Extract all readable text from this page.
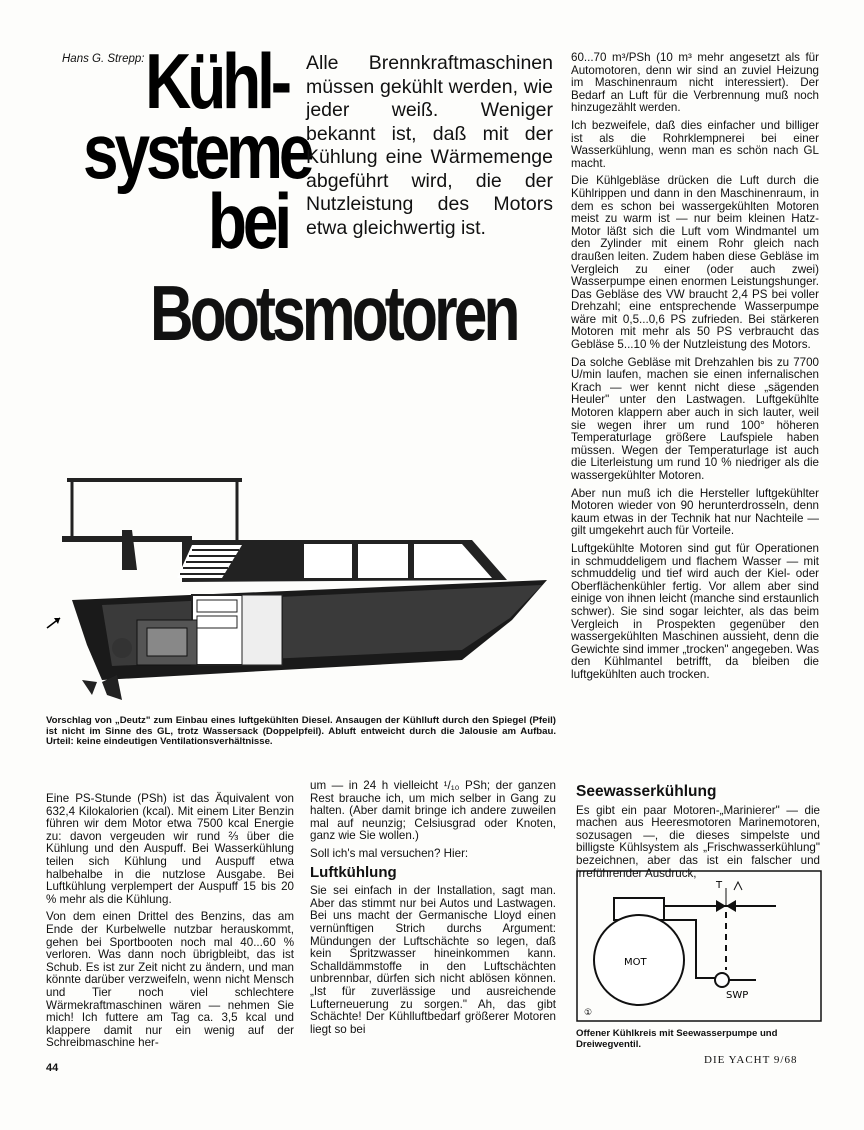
Hans G. Strepp: Kühl-
systeme
bei
Bootsmotoren
Alle Brennkraftmaschinen müssen gekühlt werden, wie jeder weiß. Weniger bekannt ist, daß mit der Kühlung eine Wärmemenge abgeführt wird, die der Nutzleistung des Motors etwa gleichwertig ist.

60...70 m³/PSh (10 m³ mehr angesetzt als für Automotoren, denn wir sind an zuviel Heizung im Maschinenraum nicht interessiert). Der Bedarf an Luft für die Verbrennung muß noch hinzugezählt werden.

Ich bezweifele, daß dies einfacher und billiger ist als die Rohrklempnerei bei einer Wasserkühlung, wenn man es schön nach GL macht.

Die Kühlgebläse drücken die Luft durch die Kühlrippen und dann in den Maschinenraum, in dem es schon bei wassergekühlten Motoren meist zu warm ist — nur beim kleinen Hatz-Motor läßt sich die Luft vom Windmantel um den Zylinder mit einem Rohr gleich nach draußen leiten. Zudem haben diese Gebläse im Vergleich zu einer (oder auch zwei) Wasserpumpe einen enormen Leistungshunger. Das Gebläse des VW braucht 2,4 PS bei voller Drehzahl; eine entsprechende Wasserpumpe wäre mit 0,5...0,6 PS zufrieden. Bei stärkeren Motoren mit mehr als 50 PS verbraucht das Gebläse 5...10 % der Nutzleistung des Motors.

Da solche Gebläse mit Drehzahlen bis zu 7700 U/min laufen, machen sie einen infernalischen Krach — wer kennt nicht diese „sägenden Heuler" unter den Lastwagen. Luftgekühlte Motoren klappern aber auch in sich lauter, weil sie wegen ihrer um rund 100° höheren Temperaturlage größere Laufspiele haben müssen. Wegen der Temperaturlage ist auch die Literleistung um rund 10 % niedriger als die wassergekühlter Motoren.

Aber nun muß ich die Hersteller luftgekühlter Motoren wieder von 90 herunterdrosseln, denn kaum etwas in der Technik hat nur Nachteile — gilt umgekehrt auch für Vorteile.

Luftgekühlte Motoren sind gut für Operationen in schmuddeligem und flachem Wasser — mit schmuddelig und tief wird auch der Kiel- oder Oberflächenkühler fertig. Vor allem aber sind einige von ihnen leicht (manche sind erstaunlich schwer). Sie sind sogar leichter, als das beim Vergleich in Prospekten gegenüber den wassergekühlten Maschinen aussieht, denn die Gewichte sind immer „trocken" angegeben. Was den Kühlmantel betrifft, da bleiben die luftgekühlten auch trocken.

Vorschlag von „Deutz" zum Einbau eines luftgekühlten Diesel. Ansaugen der Kühlluft durch den Spiegel (Pfeil) ist nicht im Sinne des GL, trotz Wassersack (Doppelpfeil). Abluft entweicht durch die Jalousie am Aufbau. Urteil: keine eindeutigen Ventilationsverhältnisse.

Eine PS-Stunde (PSh) ist das Äquivalent von 632,4 Kilokalorien (kcal). Mit einem Liter Benzin führen wir dem Motor etwa 7500 kcal Energie zu: davon vergeuden wir rund ⅔ über die Kühlung und den Auspuff. Bei Wasserkühlung teilen sich Kühlung und Auspuff etwa halbehalbe in die nutzlose Ausgabe. Bei Luftkühlung verplempert der Auspuff 15 bis 20 % mehr als die Kühlung.

Von dem einen Drittel des Benzins, das am Ende der Kurbelwelle nutzbar herauskommt, gehen bei Sportbooten noch mal 40...60 % verloren. Was dann noch übrigbleibt, das ist Schub. Es ist zur Zeit nicht zu ändern, und man könnte darüber verzweifeln, wenn nicht Mensch und Tier noch viel schlechtere Wärmekraftmaschinen wären — nehmen Sie mich! Ich futtere am Tag ca. 3,5 kcal und klappere damit nur ein wenig auf der Schreibmaschine her-

um — in 24 h vielleicht ¹/₁₀ PSh; der ganzen Rest brauche ich, um mich selber in Gang zu halten. (Aber damit bringe ich andere zuweilen mal auf neunzig; Celsiusgrad oder Knoten, ganz wie Sie wollen.)

Soll ich's mal versuchen? Hier:

Luftkühlung

Sie sei einfach in der Installation, sagt man. Aber das stimmt nur bei Autos und Lastwagen. Bei uns macht der Germanische Lloyd einen vernünftigen Strich durchs Argument: Mündungen der Luftschächte so legen, daß kein Spritzwasser hineinkommen kann. Schalldämmstoffe in den Luftschächten unbrennbar, dürfen sich nicht ablösen können. „Ist für zuverlässige und ausreichende Lufterneuerung zu sorgen." Ah, das gibt Schächte! Der Kühlluftbedarf größerer Motoren liegt so bei

Seewasserkühlung

Es gibt ein paar Motoren-„Marinierer" — die machen aus Heeresmotoren Marinemotoren, sozusagen —, die dieses simpelste und billigste Kühlsystem als „Frischwasserkühlung" bezeichnen, aber das ist ein falscher und irreführender Ausdruck,

MOT
T
SWP
①
Offener Kühlkreis mit Seewasserpumpe und Dreiwegventil.
44
DIE YACHT 9/68
